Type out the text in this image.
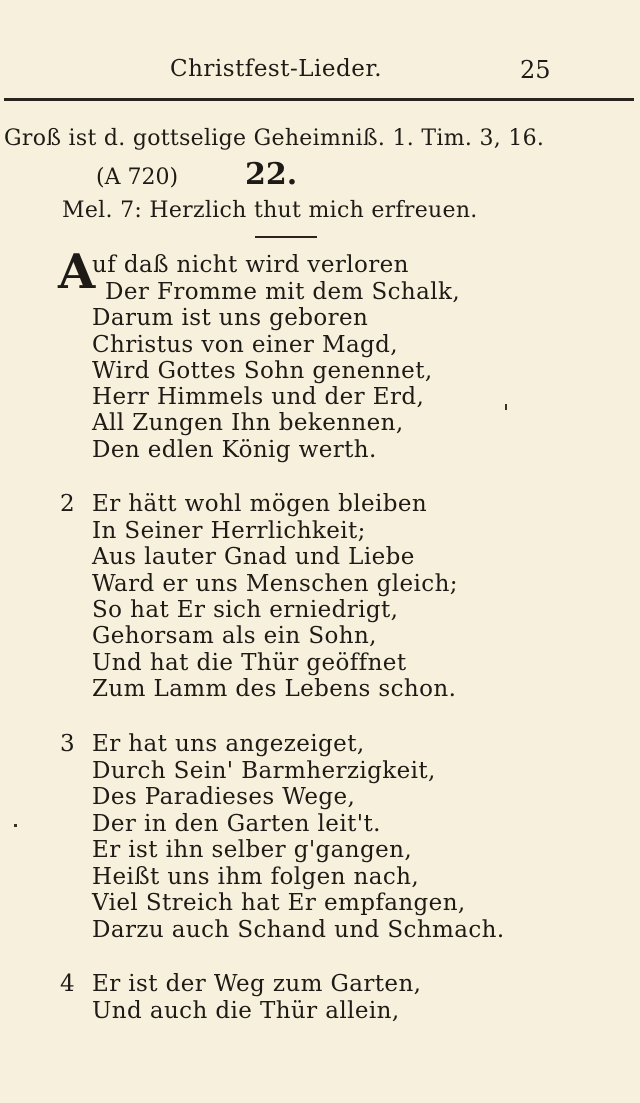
Christfest-Lieder.	25
Groß ist d. gottselige Geheimniß. 1. Tim. 3, 16.
(A 720) 22.
Mel. 7: Herzlich thut mich erfreuen.
A
uf daß nicht wird verloren
Der Fromme mit dem Schalk,
Darum ist uns geboren
Christus von einer Magd,
Wird Gottes Sohn genennet,
Herr Himmels und der Erd,
All Zungen Ihn bekennen,
Den edlen König werth.
2 Er hätt wohl mögen bleiben
In Seiner Herrlichkeit;
Aus lauter Gnad und Liebe
Ward er uns Menschen gleich;
So hat Er sich erniedrigt,
Gehorsam als ein Sohn,
Und hat die Thür geöffnet
Zum Lamm des Lebens schon.
3 Er hat uns angezeiget,
Durch Sein' Barmherzigkeit,
Des Paradieses Wege,
Der in den Garten leit't.
Er ist ihn selber g'gangen,
Heißt uns ihm folgen nach,
Viel Streich hat Er empfangen,
Darzu auch Schand und Schmach.
4 Er ist der Weg zum Garten,
Und auch die Thür allein,
